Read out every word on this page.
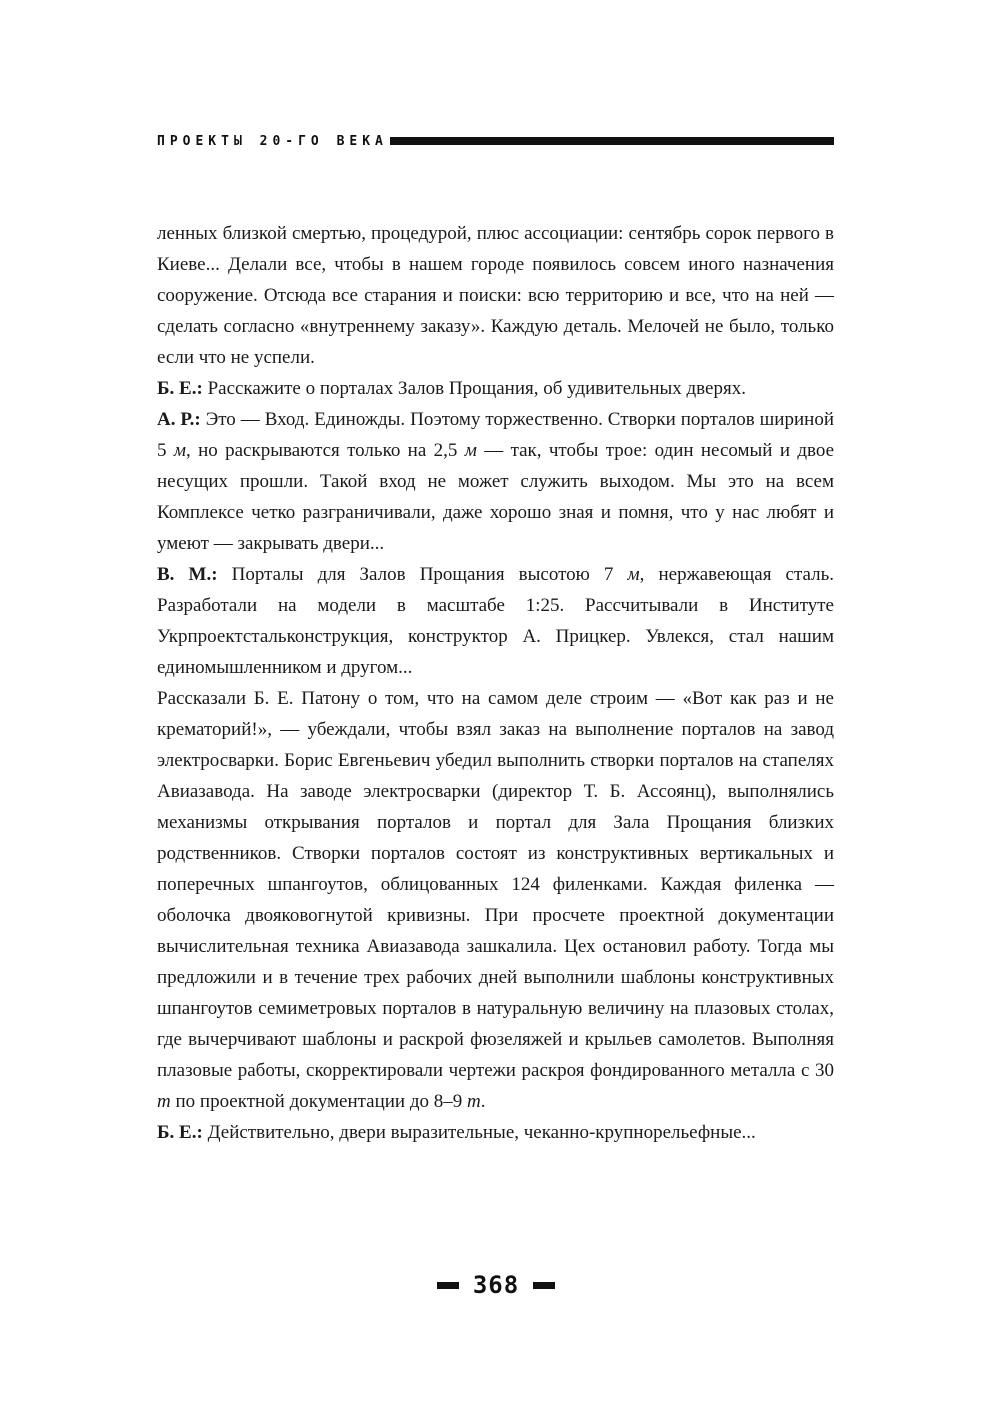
ПРОЕКТЫ 20-ГО ВЕКА

ленных близкой смертью, процедурой, плюс ассоциации: сентябрь сорок первого в Киеве... Делали все, чтобы в нашем городе появилось совсем иного назначения сооружение. Отсюда все старания и поиски: всю территорию и все, что на ней — сделать согласно «внутреннему заказу». Каждую деталь. Мелочей не было, только если что не успели.

Б. Е.: Расскажите о порталах Залов Прощания, об удивительных дверях.

А. Р.: Это — Вход. Единожды. Поэтому торжественно. Створки порталов шириной 5 м, но раскрываются только на 2,5 м — так, чтобы трое: один несомый и двое несущих прошли. Такой вход не может служить выходом. Мы это на всем Комплексе четко разграничивали, даже хорошо зная и помня, что у нас любят и умеют — закрывать двери...

В. М.: Порталы для Залов Прощания высотою 7 м, нержавеющая сталь. Разработали на модели в масштабе 1:25. Рассчитывали в Институте Укрпроектстальконструкция, конструктор А. Прицкер. Увлекся, стал нашим единомышленником и другом...

Рассказали Б. Е. Патону о том, что на самом деле строим — «Вот как раз и не крематорий!», — убеждали, чтобы взял заказ на выполнение порталов на завод электросварки. Борис Евгеньевич убедил выполнить створки порталов на стапелях Авиазавода. На заводе электросварки (директор Т. Б. Ассоянц), выполнялись механизмы открывания порталов и портал для Зала Прощания близких родственников. Створки порталов состоят из конструктивных вертикальных и поперечных шпангоутов, облицованных 124 филенками. Каждая филенка — оболочка двояковогнутой кривизны. При просчете проектной документации вычислительная техника Авиазавода зашкалила. Цех остановил работу. Тогда мы предложили и в течение трех рабочих дней выполнили шаблоны конструктивных шпангоутов семиметровых порталов в натуральную величину на плазовых столах, где вычерчивают шаблоны и раскрой фюзеляжей и крыльев самолетов. Выполняя плазовые работы, скорректировали чертежи раскроя фондированного металла с 30 т по проектной документации до 8–9 т.

Б. Е.: Действительно, двери выразительные, чеканно-крупнорельефные...

368
